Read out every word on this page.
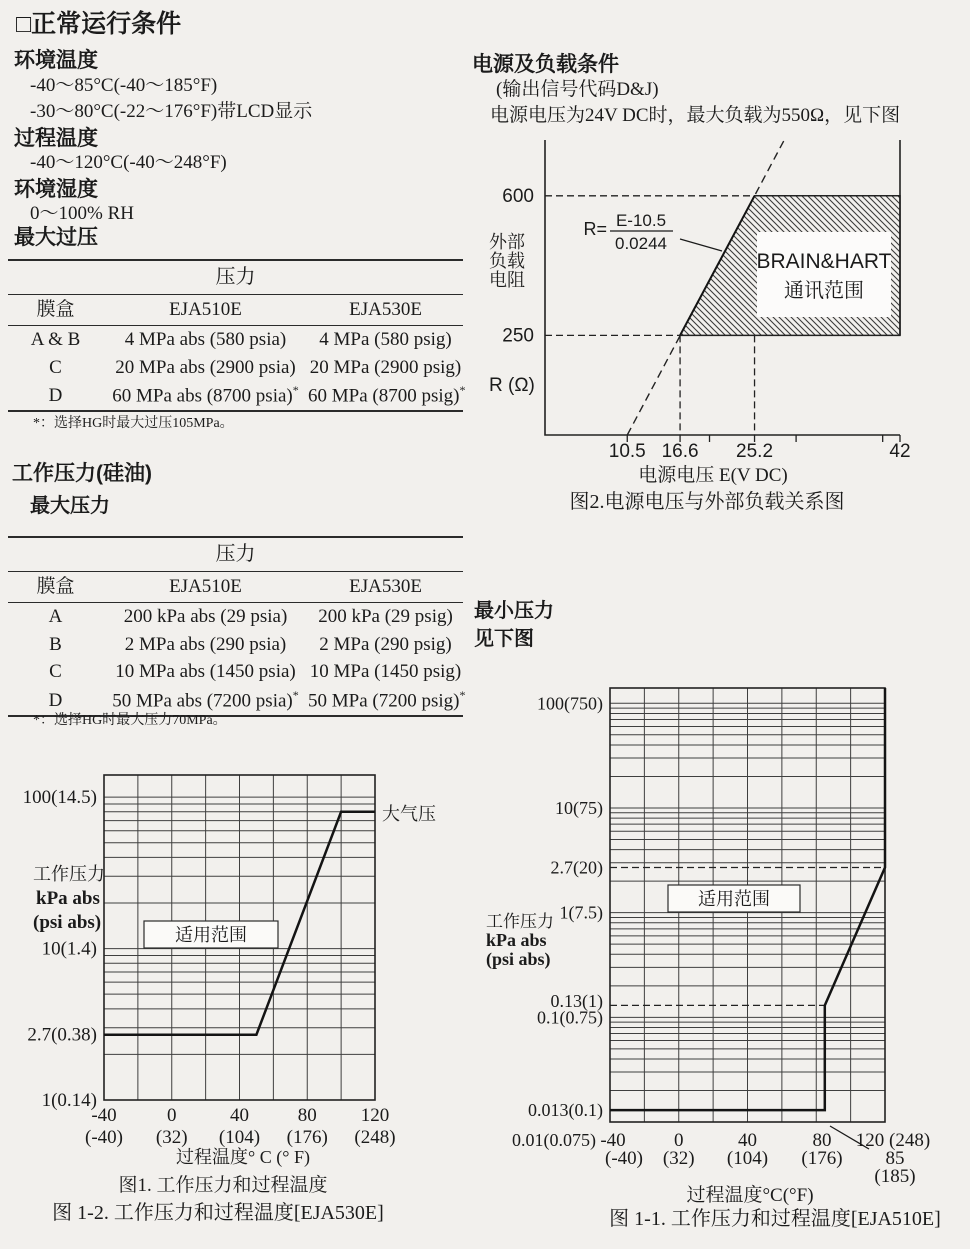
BRAIN&HART
通讯范围
600
250
外部
负载
电阻
R (Ω)
10.5 16.6 25.2	42
R= E-10.5
0.0244
电源电压 E(V DC)
图2.电源电压与外部负载关系图
适用范围
100(14.5)
10(1.4)
2.7(0.38)
1(0.14)
-40
(-40)
0
(32)
40
(104)
80
(176)
120
(248)
工作压力
kPa abs
(psi abs)
大气压
过程温度° C (° F)
图1. 工作压力和过程温度
图 1-2. 工作压力和过程温度[EJA530E]
适用范围
100(750)
10(75)
2.7(20)
1(7.5)
0.13(1)
0.1(0.75)
0.013(0.1)
0.01(0.075) -40
(-40)
0
(32)
40
(104)
80
(176)
120 (248)
工作压力
kPa abs
(psi abs)
85
(185)
过程温度°C(°F)
图 1-1. 工作压力和过程温度[EJA510E]
□正常运行条件
环境温度
-40～85°C(-40～185°F)
-30～80°C(-22～176°F)带LCD显示
过程温度
-40～120°C(-40～248°F)
环境湿度
0～100% RH
最大过压
压力		
膜盒	EJA510E	EJA530E
A & B	4 MPa abs (580 psia)	4 MPa (580 psig)
C	20 MPa abs (2900 psia)	20 MPa (2900 psig)
D	60 MPa abs (8700 psia)*	60 MPa (8700 psig)*
*：选择HG时最大过压105MPa。
工作压力(硅油)
最大压力
压力		
膜盒	EJA510E	EJA530E
A	200 kPa abs (29 psia)	200 kPa (29 psig)
B	2 MPa abs (290 psia)	2 MPa (290 psig)
C	10 MPa abs (1450 psia)	10 MPa (1450 psig)
D	50 MPa abs (7200 psia)*	50 MPa (7200 psig)*
*：选择HG时最大压力70MPa。
电源及负载条件
(输出信号代码D&J)
电源电压为24V DC时，最大负载为550Ω，见下图
最小压力
见下图
